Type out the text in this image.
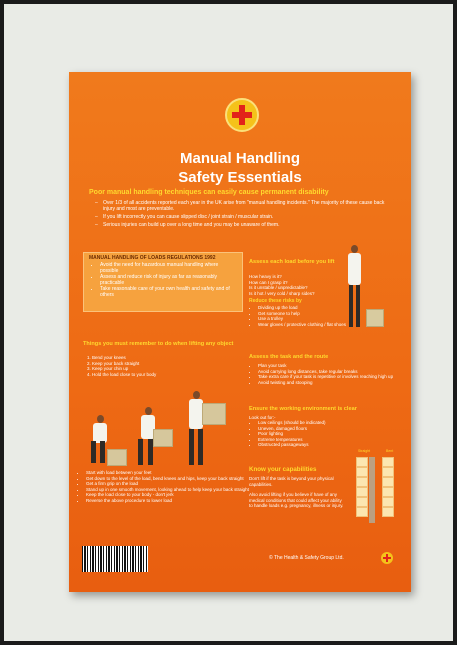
Manual Handling
Safety Essentials
Poor manual handling techniques can easily cause permanent disability
– Over 1/3 of all accidents reported each year in the UK arise from "manual handling incidents." The majority of these cause back injury and most are preventable.
– If you lift incorrectly you can cause slipped disc / joint strain / muscular strain.
– Serious injuries can build up over a long time and you may be unaware of them.
MANUAL HANDLING OF LOADS REGULATIONS 1992
• Avoid the need for hazardous manual handling where possible
• Assess and reduce risk of injury as far as reasonably practicable
• Take reasonable care of your own health and safety and of others
Assess each load before you lift
How heavy is it?
How can I grasp it?
Is it unstable / unpredictable?
Is it hot / very cold / sharp sides?
Reduce these risks by
• Dividing up the load
• Get someone to help
• Use a trolley
• Wear gloves / protective clothing / flat shoes
Things you must remember to do when lifting any object
1. Bend your knees
2. Keep your back straight
3. Keep your chin up
4. Hold the load close to your body
Assess the task and the route
• Plan your task
• Avoid carrying long distances, take regular breaks
• Take extra care if your task is repetitive or involves reaching high up
• Avoid twisting and stooping
Ensure the working environment is clear
Look out for:-
• Low ceilings (should be indicated)
• Uneven, damaged floors
• Poor lighting
• Extreme temperatures
• Obstructed passageways
• Start with load between your feet
• Get down to the level of the load, bend knees and hips, keep your back straight
• Get a firm grip on the load
• Stand up in one smooth movement, looking ahead to help keep your back straight
• Keep the load close to your body - don't jerk
• Reverse the above procedure to lower load
Know your capabilities
Don't lift if the task is beyond your physical capabilities.
Also avoid lifting if you believe if have of any medical conditions that could affect your ability to handle loads e.g. pregnancy, illness or injury.
Straight	Bent
© The Health & Safety Group Ltd.
